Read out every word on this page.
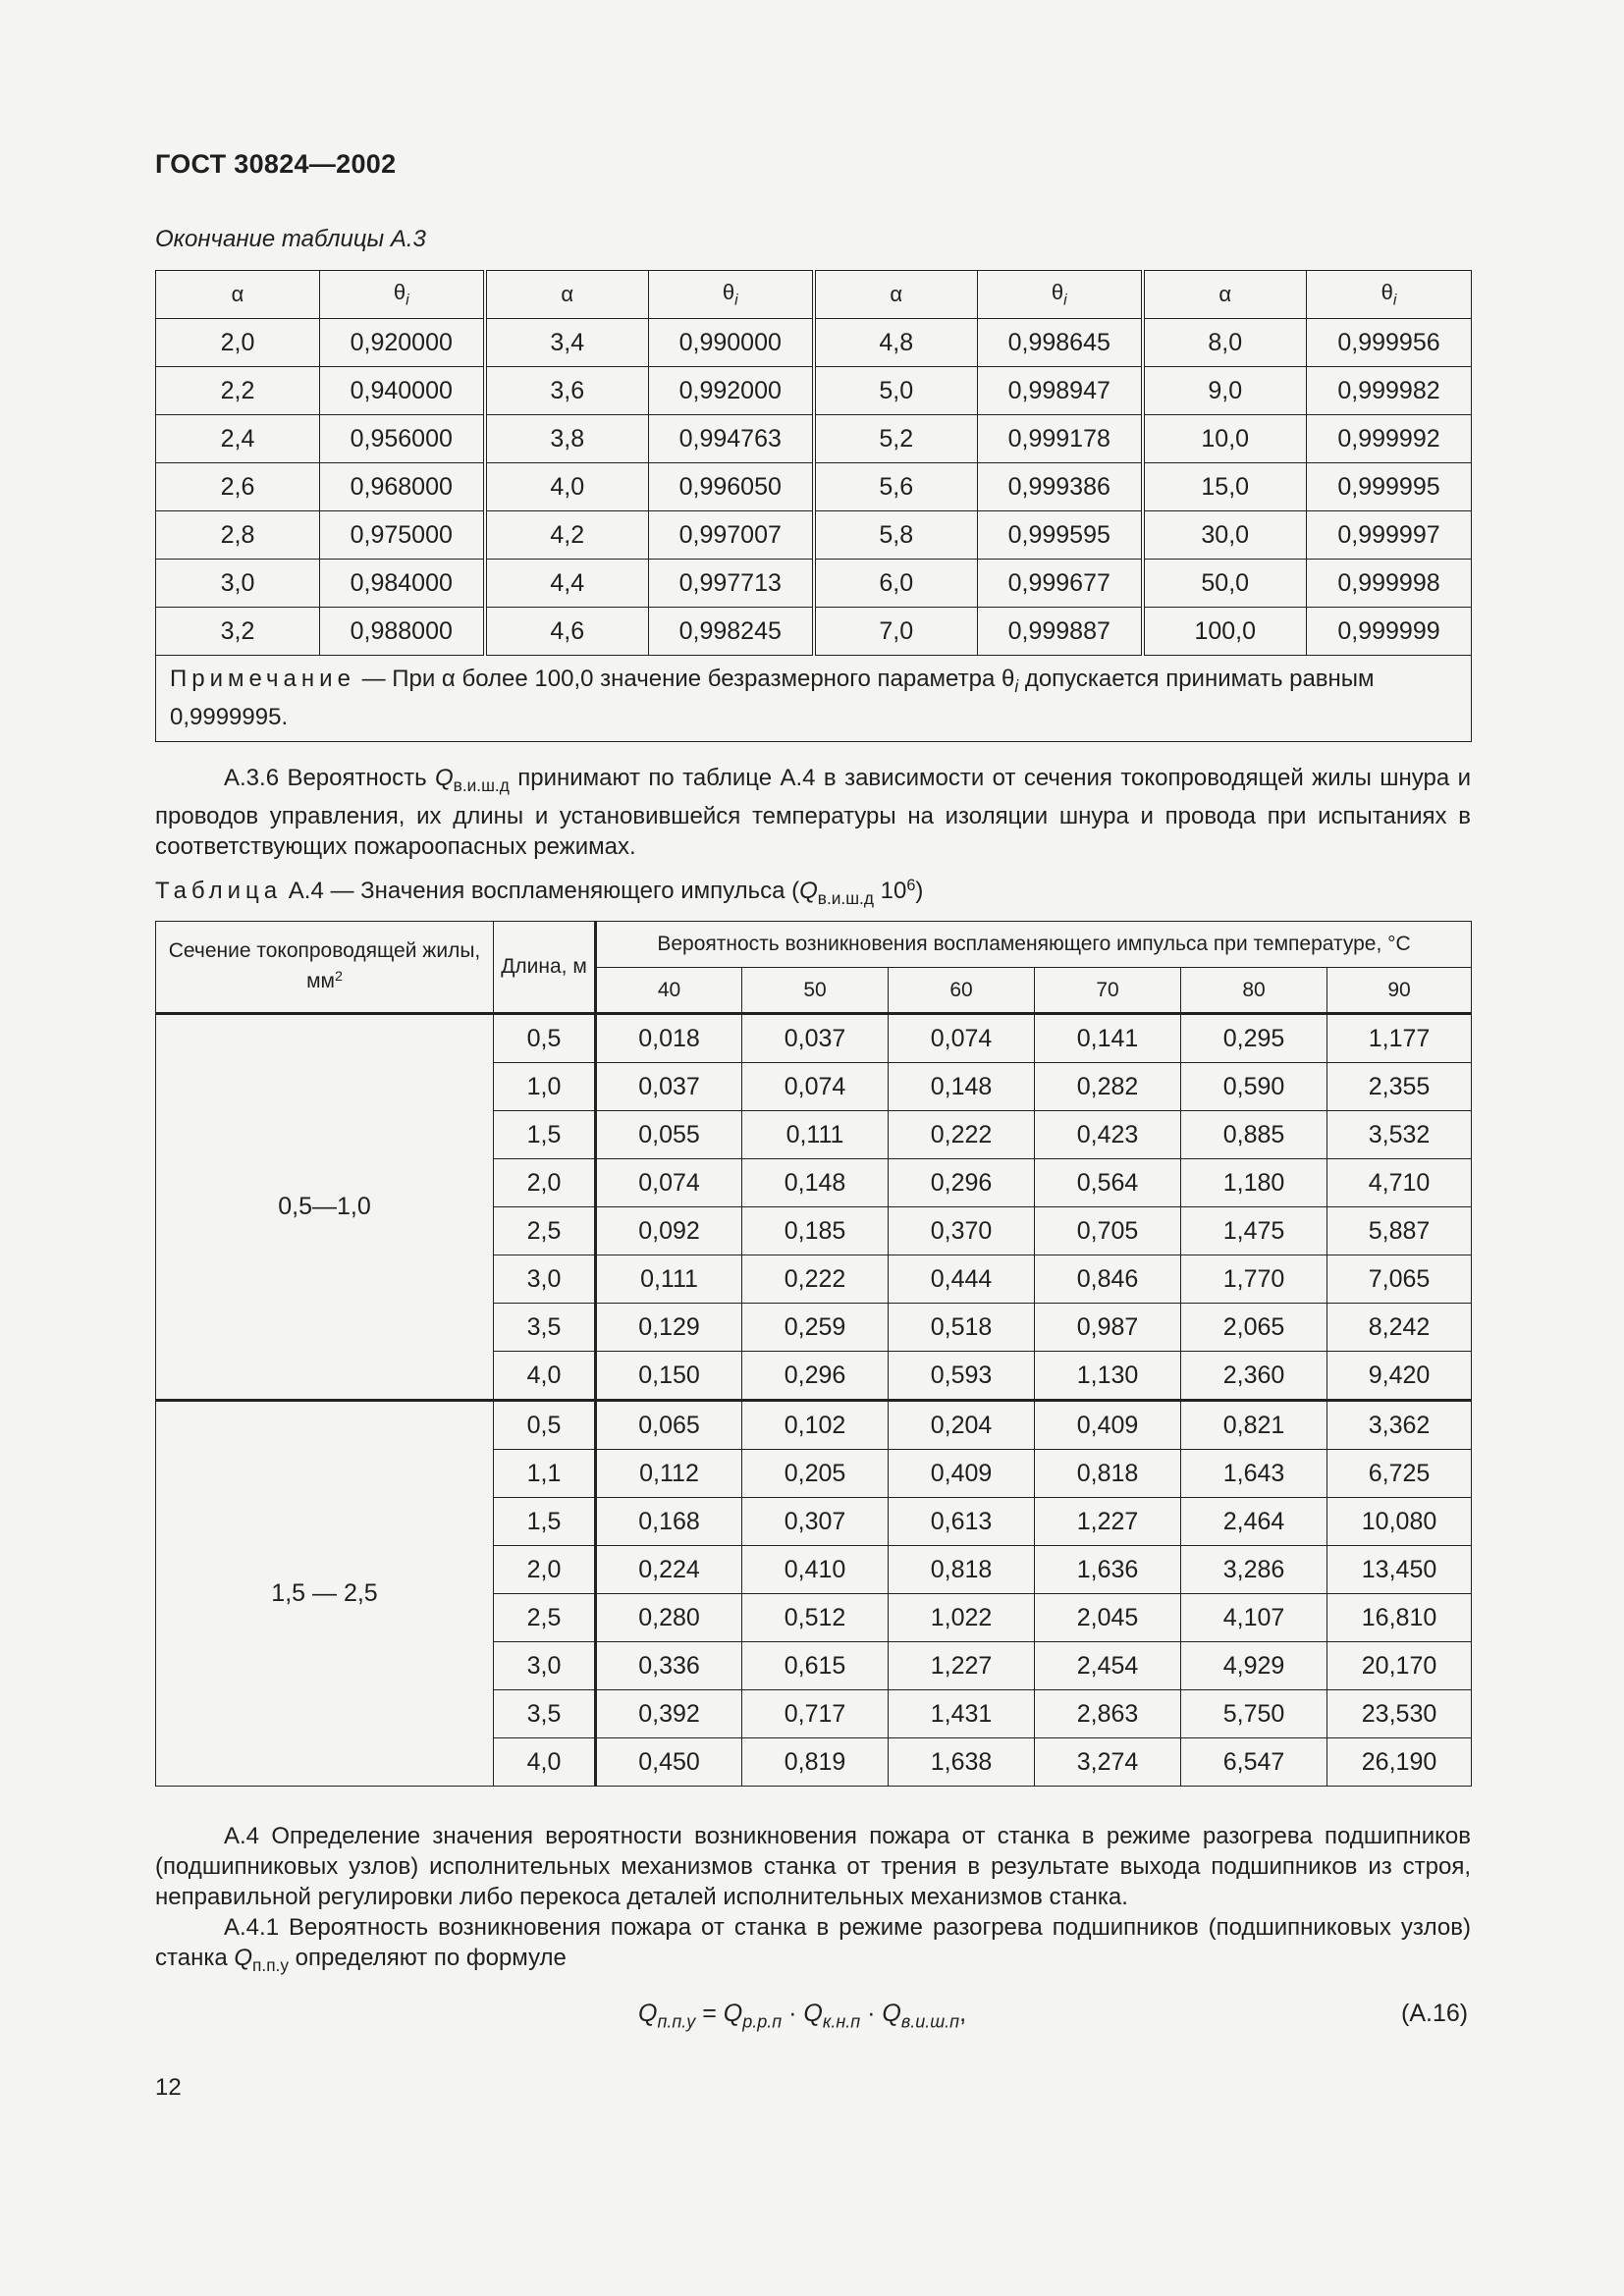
ГОСТ 30824—2002
Окончание таблицы А.3
α	$\theta_i$	α	$\theta_i$	α	$\theta_i$	α	$\theta_i$
2,0	0,920000	3,4	0,990000	4,8	0,998645	8,0	0,999956
2,2	0,940000	3,6	0,992000	5,0	0,998947	9,0	0,999982
2,4	0,956000	3,8	0,994763	5,2	0,999178	10,0	0,999992
2,6	0,968000	4,0	0,996050	5,6	0,999386	15,0	0,999995
2,8	0,975000	4,2	0,997007	5,8	0,999595	30,0	0,999997
3,0	0,984000	4,4	0,997713	6,0	0,999677	50,0	0,999998
3,2	0,988000	4,6	0,998245	7,0	0,999887	100,0	0,999999
Примечание — При α более 100,0 значение безразмерного параметра $\theta_i$ допускается принимать равным 0,9999995.							
А.3.6 Вероятность $Q_{в.и.ш.д}$ принимают по таблице А.4 в зависимости от сечения токопроводящей жилы шнура и проводов управления, их длины и установившейся температуры на изоляции шнура и провода при испытаниях в соответствующих пожароопасных режимах.
Таблица А.4 — Значения воспламеняющего импульса ($Q_{в.и.ш.д}$ $10^6$)
Сечение токопроводящей жилы, $мм^2$	Длина, м	Вероятность возникновения воспламеняющего импульса при температуре, °С					
		40	50	60	70	80	90
0,5—1,0	0,5	0,018	0,037	0,074	0,141	0,295	1,177
	1,0	0,037	0,074	0,148	0,282	0,590	2,355
	1,5	0,055	0,111	0,222	0,423	0,885	3,532
	2,0	0,074	0,148	0,296	0,564	1,180	4,710
	2,5	0,092	0,185	0,370	0,705	1,475	5,887
	3,0	0,111	0,222	0,444	0,846	1,770	7,065
	3,5	0,129	0,259	0,518	0,987	2,065	8,242
	4,0	0,150	0,296	0,593	1,130	2,360	9,420
1,5 — 2,5	0,5	0,065	0,102	0,204	0,409	0,821	3,362
	1,1	0,112	0,205	0,409	0,818	1,643	6,725
	1,5	0,168	0,307	0,613	1,227	2,464	10,080
	2,0	0,224	0,410	0,818	1,636	3,286	13,450
	2,5	0,280	0,512	1,022	2,045	4,107	16,810
	3,0	0,336	0,615	1,227	2,454	4,929	20,170
	3,5	0,392	0,717	1,431	2,863	5,750	23,530
	4,0	0,450	0,819	1,638	3,274	6,547	26,190
А.4 Определение значения вероятности возникновения пожара от станка в режиме разогрева подшипников (подшипниковых узлов) исполнительных механизмов станка от трения в результате выхода подшипников из строя, неправильной регулировки либо перекоса деталей исполнительных механизмов станка.
А.4.1 Вероятность возникновения пожара от станка в режиме разогрева подшипников (подшипниковых узлов) станка $Q_{п.п.у}$ определяют по формуле
$Q_{п.п.у} = Q_{р.р.п} \cdot Q_{к.н.п} \cdot Q_{в.и.ш.п}$,	(А.16)
12
